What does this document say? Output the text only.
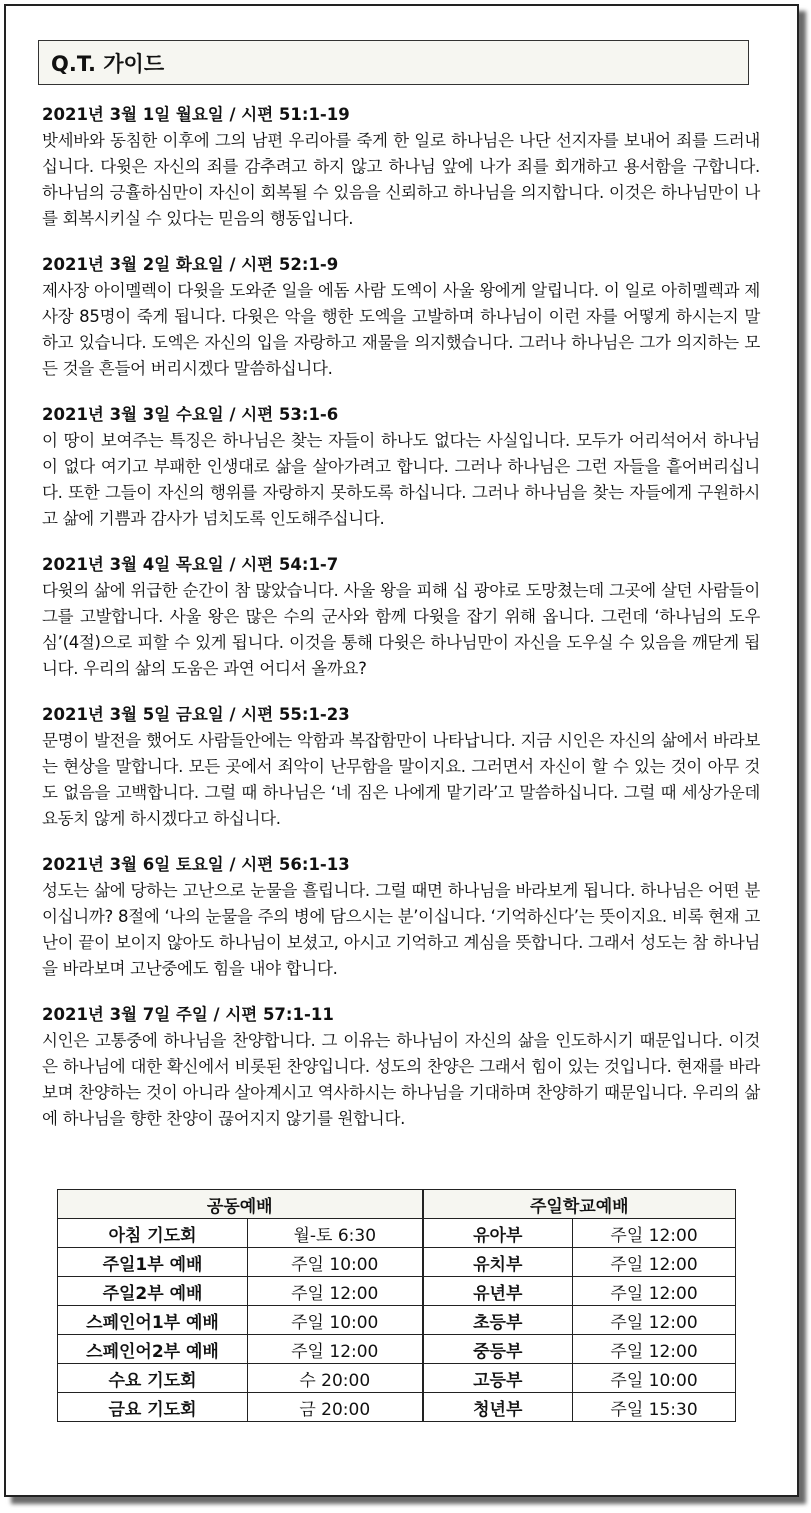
Q.T. 가이드
2021년 3월 1일 월요일 / 시편 51:1-19
밧세바와 동침한 이후에 그의 남편 우리아를 죽게 한 일로 하나님은 나단 선지자를 보내어 죄를 드러내십니다. 다윗은 자신의 죄를 감추려고 하지 않고 하나님 앞에 나가 죄를 회개하고 용서함을 구합니다. 하나님의 긍휼하심만이 자신이 회복될 수 있음을 신뢰하고 하나님을 의지합니다. 이것은 하나님만이 나를 회복시키실 수 있다는 믿음의 행동입니다.
2021년 3월 2일 화요일 / 시편 52:1-9
제사장 아이멜렉이 다윗을 도와준 일을 에돔 사람 도엑이 사울 왕에게 알립니다. 이 일로 아히멜렉과 제사장 85명이 죽게 됩니다. 다윗은 악을 행한 도엑을 고발하며 하나님이 이런 자를 어떻게 하시는지 말하고 있습니다. 도엑은 자신의 입을 자랑하고 재물을 의지했습니다. 그러나 하나님은 그가 의지하는 모든 것을 흔들어 버리시겠다 말씀하십니다.
2021년 3월 3일 수요일 / 시편 53:1-6
이 땅이 보여주는 특징은 하나님은 찾는 자들이 하나도 없다는 사실입니다. 모두가 어리석어서 하나님이 없다 여기고 부패한 인생대로 삶을 살아가려고 합니다. 그러나 하나님은 그런 자들을 흩어버리십니다. 또한 그들이 자신의 행위를 자랑하지 못하도록 하십니다. 그러나 하나님을 찾는 자들에게 구원하시고 삶에 기쁨과 감사가 넘치도록 인도해주십니다.
2021년 3월 4일 목요일 / 시편 54:1-7
다윗의 삶에 위급한 순간이 참 많았습니다. 사울 왕을 피해 십 광야로 도망쳤는데 그곳에 살던 사람들이 그를 고발합니다. 사울 왕은 많은 수의 군사와 함께 다윗을 잡기 위해 옵니다. 그런데 ‘하나님의 도우심’(4절)으로 피할 수 있게 됩니다. 이것을 통해 다윗은 하나님만이 자신을 도우실 수 있음을 깨닫게 됩니다. 우리의 삶의 도움은 과연 어디서 올까요?
2021년 3월 5일 금요일 / 시편 55:1-23
문명이 발전을 했어도 사람들안에는 악함과 복잡함만이 나타납니다. 지금 시인은 자신의 삶에서 바라보는 현상을 말합니다. 모든 곳에서 죄악이 난무함을 말이지요. 그러면서 자신이 할 수 있는 것이 아무 것도 없음을 고백합니다. 그럴 때 하나님은 ‘네 짐은 나에게 맡기라’고 말씀하십니다. 그럴 때 세상가운데 요동치 않게 하시겠다고 하십니다.
2021년 3월 6일 토요일 / 시편 56:1-13
성도는 삶에 당하는 고난으로 눈물을 흘립니다. 그럴 때면 하나님을 바라보게 됩니다. 하나님은 어떤 분이십니까? 8절에 ‘나의 눈물을 주의 병에 담으시는 분’이십니다. ‘기억하신다’는 뜻이지요. 비록 현재 고난이 끝이 보이지 않아도 하나님이 보셨고, 아시고 기억하고 계심을 뜻합니다. 그래서 성도는 참 하나님을 바라보며 고난중에도 힘을 내야 합니다.
2021년 3월 7일 주일 / 시편 57:1-11
시인은 고통중에 하나님을 찬양합니다. 그 이유는 하나님이 자신의 삶을 인도하시기 때문입니다. 이것은 하나님에 대한 확신에서 비롯된 찬양입니다. 성도의 찬양은 그래서 힘이 있는 것입니다. 현재를 바라보며 찬양하는 것이 아니라 살아계시고 역사하시는 하나님을 기대하며 찬양하기 때문입니다. 우리의 삶에 하나님을 향한 찬양이 끊어지지 않기를 원합니다.
공동예배		주일학교예배	
아침 기도회	월-토 6:30	유아부	주일 12:00
주일1부 예배	주일 10:00	유치부	주일 12:00
주일2부 예배	주일 12:00	유년부	주일 12:00
스페인어1부 예배	주일 10:00	초등부	주일 12:00
스페인어2부 예배	주일 12:00	중등부	주일 12:00
수요 기도회	수 20:00	고등부	주일 10:00
금요 기도회	금 20:00	청년부	주일 15:30
